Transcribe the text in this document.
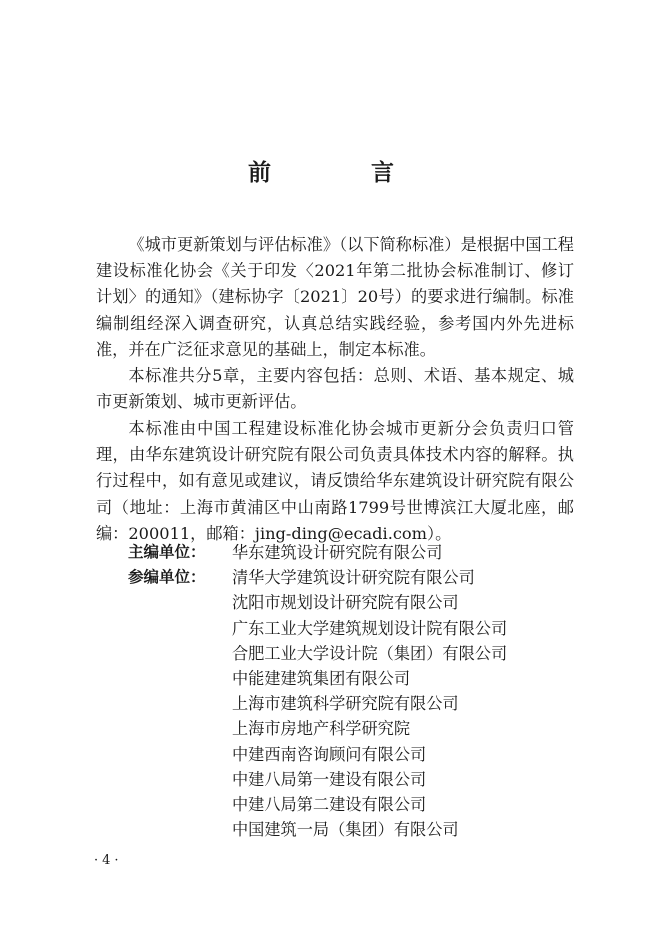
前 言

《城市更新策划与评估标准》（以下简称标准）是根据中国工程建设标准化协会《关于印发〈2021年第二批协会标准制订、修订计划〉的通知》（建标协字〔2021〕20号）的要求进行编制。标准编制组经深入调查研究，认真总结实践经验，参考国内外先进标准，并在广泛征求意见的基础上，制定本标准。

本标准共分5章，主要内容包括：总则、术语、基本规定、城市更新策划、城市更新评估。

本标准由中国工程建设标准化协会城市更新分会负责归口管理，由华东建筑设计研究院有限公司负责具体技术内容的解释。执行过程中，如有意见或建议，请反馈给华东建筑设计研究院有限公司（地址：上海市黄浦区中山南路1799号世博滨江大厦北座，邮编：200011，邮箱：jing-ding@ecadi.com）。

主编单位：	华东建筑设计研究院有限公司
参编单位：	清华大学建筑设计研究院有限公司
沈阳市规划设计研究院有限公司
广东工业大学建筑规划设计院有限公司
合肥工业大学设计院（集团）有限公司
中能建建筑集团有限公司
上海市建筑科学研究院有限公司
上海市房地产科学研究院
中建西南咨询顾问有限公司
中建八局第一建设有限公司
中建八局第二建设有限公司
中国建筑一局（集团）有限公司
·4·
